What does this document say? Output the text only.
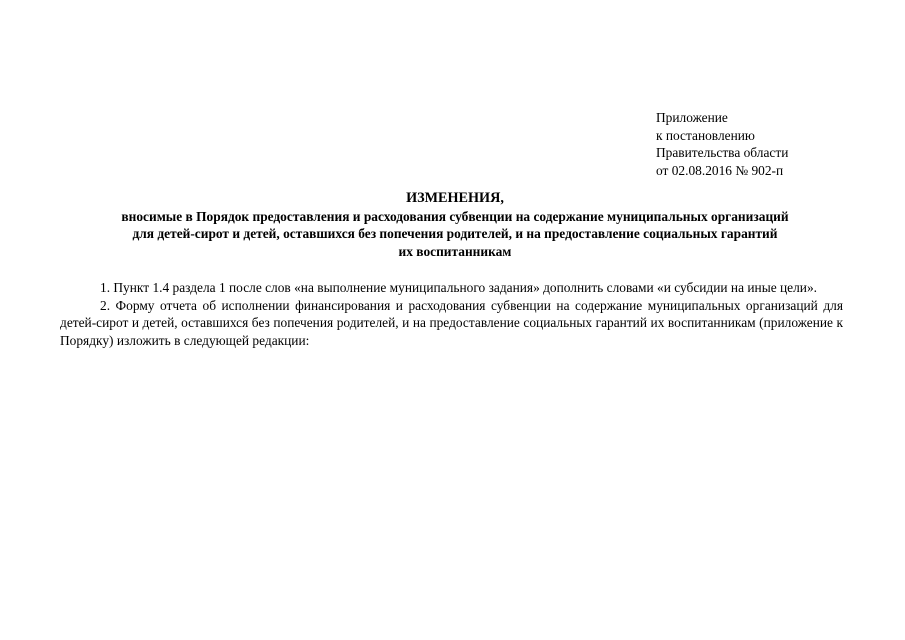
Приложение
к постановлению
Правительства области
от 02.08.2016 № 902-п
ИЗМЕНЕНИЯ,
вносимые в Порядок предоставления и расходования субвенции на содержание муниципальных организаций
для детей-сирот и детей, оставшихся без попечения родителей, и на предоставление социальных гарантий
их воспитанникам

1. Пункт 1.4 раздела 1 после слов «на выполнение муниципального задания» дополнить словами «и субсидии на иные цели».

2. Форму отчета об исполнении финансирования и расходования субвенции на содержание муниципальных организаций для детей-сирот и детей, оставшихся без попечения родителей, и на предоставление социальных гарантий их воспитанникам (приложение к Порядку) изложить в следующей редакции:
